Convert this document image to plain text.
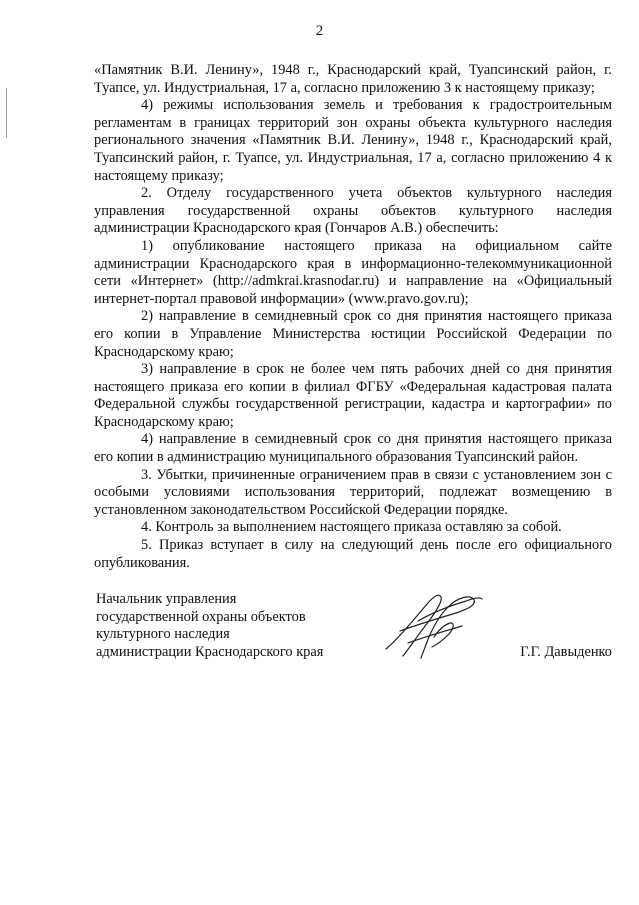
2

«Памятник В.И. Ленину», 1948 г., Краснодарский край, Туапсинский район, г. Туапсе, ул. Индустриальная, 17 а, согласно приложению 3 к настоящему приказу;

4) режимы использования земель и требования к градостроительным регламентам в границах территорий зон охраны объекта культурного наследия регионального значения «Памятник В.И. Ленину», 1948 г., Краснодарский край, Туапсинский район, г. Туапсе, ул. Индустриальная, 17 а, согласно приложению 4 к настоящему приказу;

2. Отделу государственного учета объектов культурного наследия управления государственной охраны объектов культурного наследия администрации Краснодарского края (Гончаров А.В.) обеспечить:

1) опубликование настоящего приказа на официальном сайте администрации Краснодарского края в информационно-телекоммуникационной сети «Интернет» (http://admkrai.krasnodar.ru) и направление на «Официальный интернет-портал правовой информации» (www.pravo.gov.ru);

2) направление в семидневный срок со дня принятия настоящего приказа его копии в Управление Министерства юстиции Российской Федерации по Краснодарскому краю;

3) направление в срок не более чем пять рабочих дней со дня принятия настоящего приказа его копии в филиал ФГБУ «Федеральная кадастровая палата Федеральной службы государственной регистрации, кадастра и картографии» по Краснодарскому краю;

4) направление в семидневный срок со дня принятия настоящего приказа его копии в администрацию муниципального образования Туапсинский район.

3. Убытки, причиненные ограничением прав в связи с установлением зон с особыми условиями использования территорий, подлежат возмещению в установленном законодательством Российской Федерации порядке.

4. Контроль за выполнением настоящего приказа оставляю за собой.

5. Приказ вступает в силу на следующий день после его официального опубликования.

Начальник управления
государственной охраны объектов
культурного наследия
администрации Краснодарского края	Г.Г. Давыденко
